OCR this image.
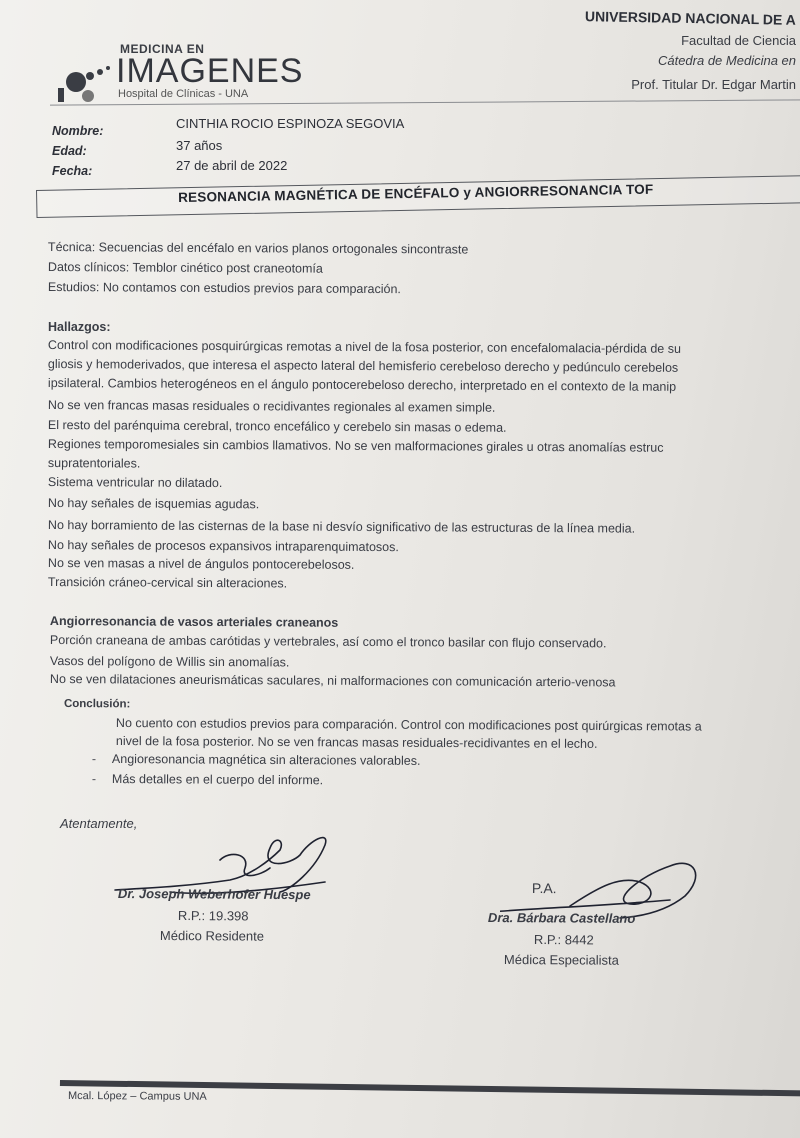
MEDICINA EN
IMAGENES
Hospital de Clínicas - UNA
UNIVERSIDAD NACIONAL DE A
Facultad de Ciencia
Cátedra de Medicina en
Prof. Titular Dr. Edgar Martin
Nombre:	CINTHIA ROCIO ESPINOZA SEGOVIA
Edad:	37 años
Fecha:	27 de abril de 2022
RESONANCIA MAGNÉTICA DE ENCÉFALO y ANGIORRESONANCIA TOF
Técnica: Secuencias del encéfalo en varios planos ortogonales sincontraste
Datos clínicos: Temblor cinético post craneotomía
Estudios: No contamos con estudios previos para comparación.
Hallazgos:
Control con modificaciones posquirúrgicas remotas a nivel de la fosa posterior, con encefalomalacia-pérdida de su
gliosis y hemoderivados, que interesa el aspecto lateral del hemisferio cerebeloso derecho y pedúnculo cerebelos
ipsilateral. Cambios heterogéneos en el ángulo pontocerebeloso derecho, interpretado en el contexto de la manip
No se ven francas masas residuales o recidivantes regionales al examen simple.
El resto del parénquima cerebral, tronco encefálico y cerebelo sin masas o edema.
Regiones temporomesiales sin cambios llamativos. No se ven malformaciones girales u otras anomalías estruc
supratentoriales.
Sistema ventricular no dilatado.
No hay señales de isquemias agudas.
No hay borramiento de las cisternas de la base ni desvío significativo de las estructuras de la línea media.
No hay señales de procesos expansivos intraparenquimatosos.
No se ven masas a nivel de ángulos pontocerebelosos.
Transición cráneo-cervical sin alteraciones.
Angiorresonancia de vasos arteriales craneanos
Porción craneana de ambas carótidas y vertebrales, así como el tronco basilar con flujo conservado.
Vasos del polígono de Willis sin anomalías.
No se ven dilataciones aneurismáticas saculares, ni malformaciones con comunicación arterio-venosa
Conclusión:
No cuento con estudios previos para comparación. Control con modificaciones post quirúrgicas remotas a
nivel de la fosa posterior. No se ven francas masas residuales-recidivantes en el lecho.
- Angioresonancia magnética sin alteraciones valorables.
- Más detalles en el cuerpo del informe.
Atentamente,
Dr. Joseph Weberhofer Huespe
R.P.: 19.398
Médico Residente
P.A.
Dra. Bárbara Castellano
R.P.: 8442
Médica Especialista
Mcal. López – Campus UNA
